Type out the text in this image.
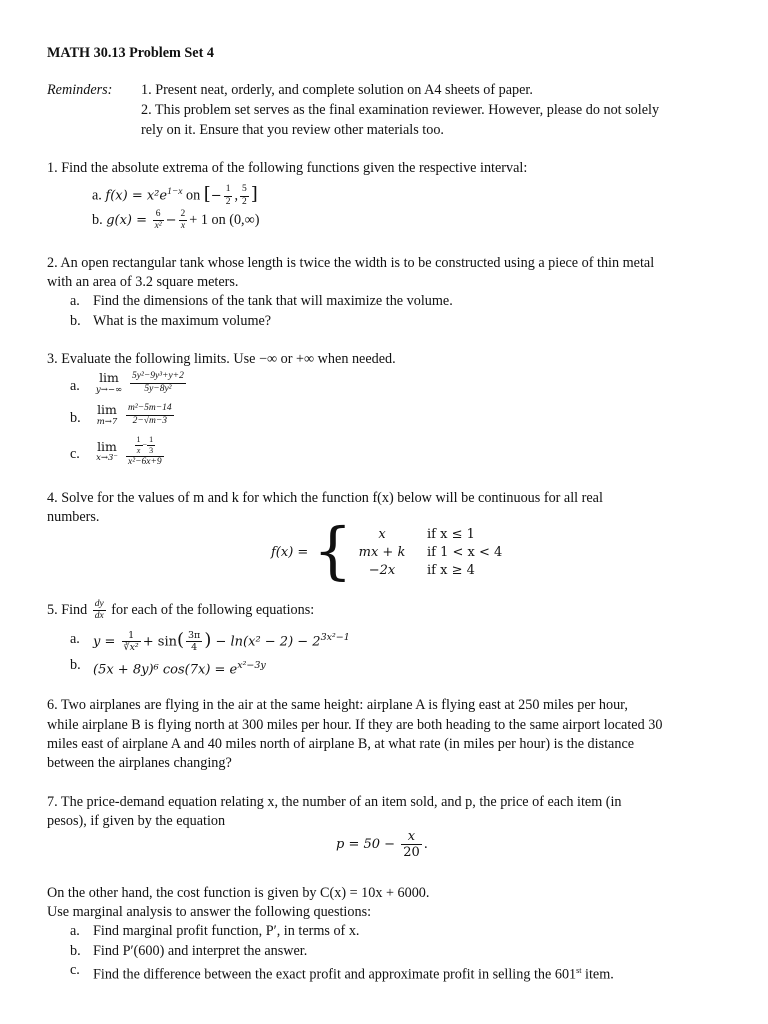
MATH 30.13 Problem Set 4
Reminders: 1. Present neat, orderly, and complete solution on A4 sheets of paper.
2. This problem set serves as the final examination reviewer. However, please do not solely
rely on it. Ensure that you review other materials too.
1. Find the absolute extrema of the following functions given the respective interval:
a. $f(x) = x^2e^{1-x}$ on [− $\frac{1}{2}$ , $\frac{5}{2}$ ]
b. $g(x) = \frac{6}{\text{x²}} - \frac{2}{x} + 1$ on (0,∞)
2. An open rectangular tank whose length is twice the width is to be constructed using a piece of thin metal
with an area of 3.2 square meters.
a. Find the dimensions of the tank that will maximize the volume.
b. What is the maximum volume?
3. Evaluate the following limits. Use −∞ or +∞ when needed.
a.
lim
$y\to-\infty \frac{\text{5y²−9y³+y+2}}{\text{5y−8y²}}$
b.
lim
$m\to 7 \frac{\text{m²−5m−14}}{2-√m-3}$
c.	lim
x→3⁻	$\frac{\frac{1}{x} - \frac{1}{3}}{\text{x²−6x+9}}$
4. Solve for the values of m and k for which the function f(x) below will be continuous for all real
numbers.
f(x) = {	x	if x ≤ 1
mx + k	if 1 < x < 4
−2x	if x ≥ 4
5. Find $\frac{dy}{dx}$ for each of the following equations:
a. $y = \frac{1}{\text{∛x²}} + \sin( \frac{3\pi}{4}$ ) − $\ln(x^2 - 2) - 2^{3x^2-1}$
b. (5x + 8y)⁶ $\cos(7x) = e^{x^2-3y}$
6. Two airplanes are flying in the air at the same height: airplane A is flying east at 250 miles per hour,
while airplane B is flying north at 300 miles per hour. If they are both heading to the same airport located 30
miles east of airplane A and 40 miles north of airplane B, at what rate (in miles per hour) is the distance
between the airplanes changing?
7. The price-demand equation relating x, the number of an item sold, and p, the price of each item (in
pesos), if given by the equation
$p = 50 - \frac{x}{20}$ .
On the other hand, the cost function is given by C(x) = 10x + 6000.
Use marginal analysis to answer the following questions:
a. Find marginal profit function, P′, in terms of x.
b. Find P′(600) and interpret the answer.
c. Find the difference between the exact profit and approximate profit in selling the 601st item.
